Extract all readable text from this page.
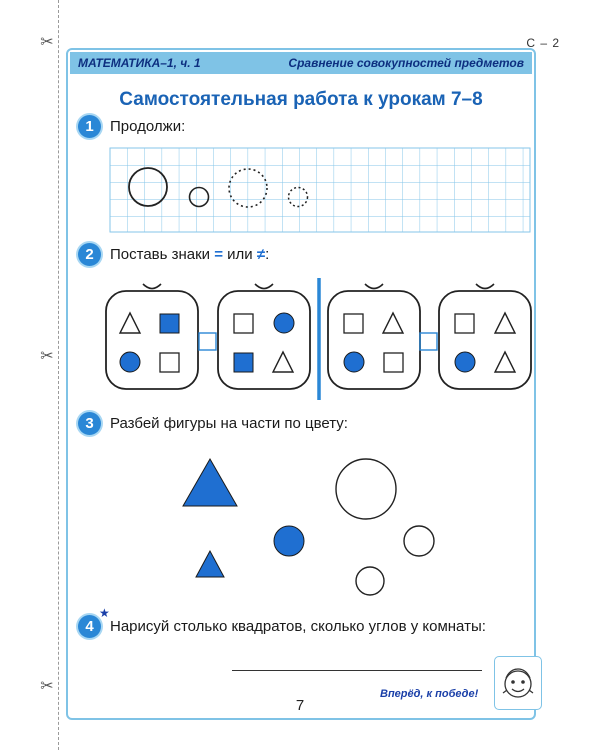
✂
✂
✂
С – 2
МАТЕМАТИКА–1, ч. 1	Сравнение совокупностей предметов
Самостоятельная работа к урокам 7–8
1	Продолжи:
2	Поставь знаки = или ≠:
3	Разбей фигуры на части по цвету:
4
★
Нарисуй столько квадратов, сколько углов у комнаты:
7
Вперёд, к победе!
